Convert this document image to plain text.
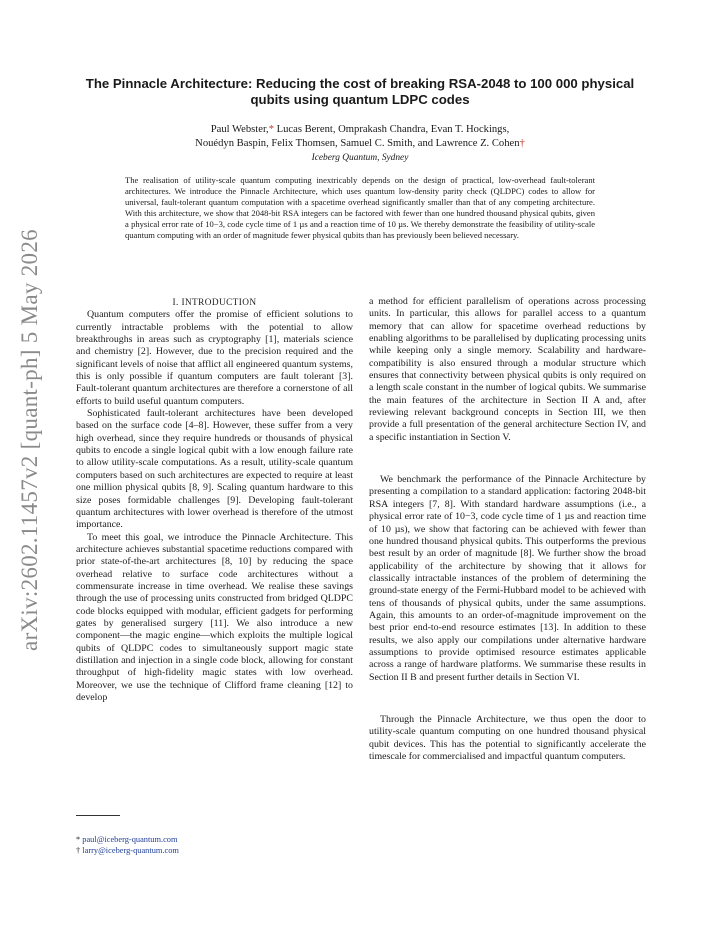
arXiv:2602.11457v2 [quant-ph] 5 May 2026
The Pinnacle Architecture: Reducing the cost of breaking RSA-2048 to 100 000 physical qubits using quantum LDPC codes
Paul Webster,* Lucas Berent, Omprakash Chandra, Evan T. Hockings,
Nouédyn Baspin, Felix Thomsen, Samuel C. Smith, and Lawrence Z. Cohen†
Iceberg Quantum, Sydney
The realisation of utility-scale quantum computing inextricably depends on the design of practical, low-overhead fault-tolerant architectures. We introduce the Pinnacle Architecture, which uses quantum low-density parity check (QLDPC) codes to allow for universal, fault-tolerant quantum computation with a spacetime overhead significantly smaller than that of any competing architecture. With this architecture, we show that 2048-bit RSA integers can be factored with fewer than one hundred thousand physical qubits, given a physical error rate of 10−3, code cycle time of 1 µs and a reaction time of 10 µs. We thereby demonstrate the feasibility of utility-scale quantum computing with an order of magnitude fewer physical qubits than has previously been believed necessary.

I. INTRODUCTION

Quantum computers offer the promise of efficient solutions to currently intractable problems with the potential to allow breakthroughs in areas such as cryptography [1], materials science and chemistry [2]. However, due to the precision required and the significant levels of noise that afflict all engineered quantum systems, this is only possible if quantum computers are fault tolerant [3]. Fault-tolerant quantum architectures are therefore a cornerstone of all efforts to build useful quantum computers.

Sophisticated fault-tolerant architectures have been developed based on the surface code [4–8]. However, these suffer from a very high overhead, since they require hundreds or thousands of physical qubits to encode a single logical qubit with a low enough failure rate to allow utility-scale computations. As a result, utility-scale quantum computers based on such architectures are expected to require at least one million physical qubits [8, 9]. Scaling quantum hardware to this size poses formidable challenges [9]. Developing fault-tolerant quantum architectures with lower overhead is therefore of the utmost importance.

To meet this goal, we introduce the Pinnacle Architecture. This architecture achieves substantial spacetime reductions compared with prior state-of-the-art architectures [8, 10] by reducing the space overhead relative to surface code architectures without a commensurate increase in time overhead. We realise these savings through the use of processing units constructed from bridged QLDPC code blocks equipped with modular, efficient gadgets for performing gates by generalised surgery [11]. We also introduce a new component—the magic engine—which exploits the multiple logical qubits of QLDPC codes to simultaneously support magic state distillation and injection in a single code block, allowing for constant throughput of high-fidelity magic states with low overhead. Moreover, we use the technique of Clifford frame cleaning [12] to develop

a method for efficient parallelism of operations across processing units. In particular, this allows for parallel access to a quantum memory that can allow for spacetime overhead reductions by enabling algorithms to be parallelised by duplicating processing units while keeping only a single memory. Scalability and hardware-compatibility is also ensured through a modular structure which ensures that connectivity between physical qubits is only required on a length scale constant in the number of logical qubits. We summarise the main features of the architecture in Section II A and, after reviewing relevant background concepts in Section III, we then provide a full presentation of the general architecture Section IV, and a specific instantiation in Section V.

We benchmark the performance of the Pinnacle Architecture by presenting a compilation to a standard application: factoring 2048-bit RSA integers [7, 8]. With standard hardware assumptions (i.e., a physical error rate of 10−3, code cycle time of 1 µs and reaction time of 10 µs), we show that factoring can be achieved with fewer than one hundred thousand physical qubits. This outperforms the previous best result by an order of magnitude [8]. We further show the broad applicability of the architecture by showing that it allows for classically intractable instances of the problem of determining the ground-state energy of the Fermi-Hubbard model to be achieved with tens of thousands of physical qubits, under the same assumptions. Again, this amounts to an order-of-magnitude improvement on the best prior end-to-end resource estimates [13]. In addition to these results, we also apply our compilations under alternative hardware assumptions to provide optimised resource estimates applicable across a range of hardware platforms. We summarise these results in Section II B and present further details in Section VI.

Through the Pinnacle Architecture, we thus open the door to utility-scale quantum computing on one hundred thousand physical qubit devices. This has the potential to significantly accelerate the timescale for commercialised and impactful quantum computers.

* paul@iceberg-quantum.com
† larry@iceberg-quantum.com
